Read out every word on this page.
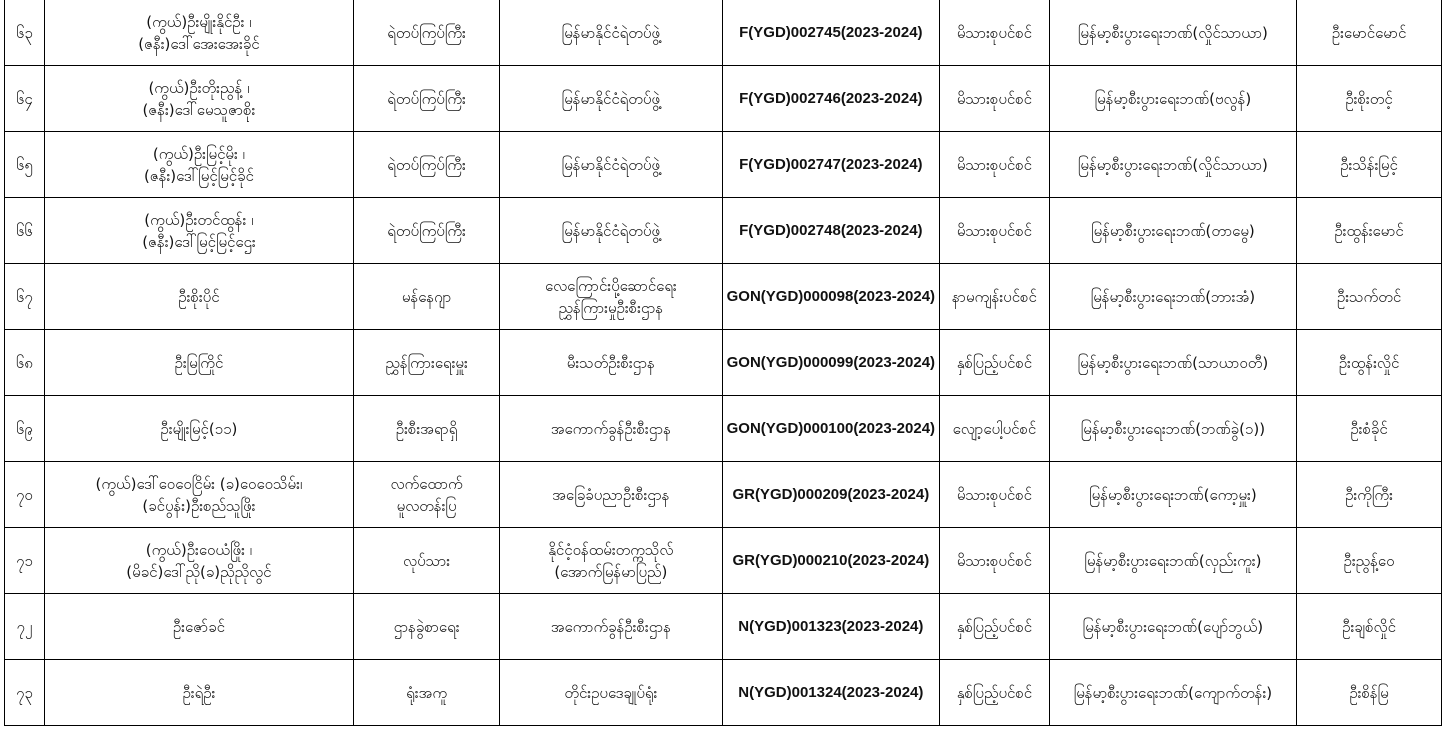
၆၃	(ကွယ်)ဦးမျိုးနိုင်ဦး ၊
(ဇနီး)ဒေါ်အေးအေးခိုင်	ရဲတပ်ကြပ်ကြီး	မြန်မာနိုင်ငံရဲတပ်ဖွဲ့	F(YGD)002745(2023-2024)	မိသားစုပင်စင်	မြန်မာ့စီးပွားရေးဘဏ်(လှိုင်သာယာ)	ဦးမောင်မောင်
၆၄	(ကွယ်)ဦးတိုးညွန့် ၊
(ဇနီး)ဒေါ်မေသူဇာစိုး	ရဲတပ်ကြပ်ကြီး	မြန်မာနိုင်ငံရဲတပ်ဖွဲ့	F(YGD)002746(2023-2024)	မိသားစုပင်စင်	မြန်မာ့စီးပွားရေးဘဏ်(ဗလွန်)	ဦးစိုးတင့်
၆၅	(ကွယ်)ဦးမြင့်မိုး ၊
(ဇနီး)ဒေါ်မြင့်မြင့်ခိုင်	ရဲတပ်ကြပ်ကြီး	မြန်မာနိုင်ငံရဲတပ်ဖွဲ့	F(YGD)002747(2023-2024)	မိသားစုပင်စင်	မြန်မာ့စီးပွားရေးဘဏ်(လှိုင်သာယာ)	ဦးသိန်းမြင့်
၆၆	(ကွယ်)ဦးတင်ထွန်း ၊
(ဇနီး)ဒေါ်မြင့်မြင့်ဌေး	ရဲတပ်ကြပ်ကြီး	မြန်မာနိုင်ငံရဲတပ်ဖွဲ့	F(YGD)002748(2023-2024)	မိသားစုပင်စင်	မြန်မာ့စီးပွားရေးဘဏ်(တာမွေ)	ဦးထွန်းမောင်
၆၇	ဦးစိုးပိုင်	မန်နေဂျာ	လေကြောင်းပို့ဆောင်ရေး
ညွှန်ကြားမှုဦးစီးဌာန	GON(YGD)000098(2023-2024)	နာမကျန်းပင်စင်	မြန်မာ့စီးပွားရေးဘဏ်(ဘားအံ)	ဦးသက်တင်
၆၈	ဦးမြကြိုင်	ညွှန်ကြားရေးမှူး	မီးသတ်ဦးစီးဌာန	GON(YGD)000099(2023-2024)	နှစ်ပြည့်ပင်စင်	မြန်မာ့စီးပွားရေးဘဏ်(သာယာဝတီ)	ဦးထွန်းလှိုင်
၆၉	ဦးမျိုးမြင့်(၁၁)	ဦးစီးအရာရှိ	အကောက်ခွန်ဦးစီးဌာန	GON(YGD)000100(2023-2024)	လျော့ပေါ့ပင်စင်	မြန်မာ့စီးပွားရေးဘဏ်(ဘဏ်ခွဲ(၁))	ဦးစံခိုင်
၇၀	(ကွယ်)ဒေါ်ဝေဝေငြိမ်း (ခ)ဝေဝေသိမ်း၊
(ခင်ပွန်း)ဦးစည်သူဖြိုး	လက်ထောက်
မူလတန်းပြ	အခြေခံပညာဦးစီးဌာန	GR(YGD)000209(2023-2024)	မိသားစုပင်စင်	မြန်မာ့စီးပွားရေးဘဏ်(ကော့မှူး)	ဦးကိုကြီး
၇၁	(ကွယ်)ဦးဝေယံဖြိုး ၊
(မိခင်)ဒေါ်ညို(ခ)ညိုညိုလွင်	လုပ်သား	နိုင်ငံ့ဝန်ထမ်းတက္ကသိုလ်
(အောက်မြန်မာပြည်)	GR(YGD)000210(2023-2024)	မိသားစုပင်စင်	မြန်မာ့စီးပွားရေးဘဏ်(လှည်းကူး)	ဦးညွန့်ဝေ
၇၂	ဦးဇော်ခင်	ဌာနခွဲစာရေး	အကောက်ခွန်ဦးစီးဌာန	N(YGD)001323(2023-2024)	နှစ်ပြည့်ပင်စင်	မြန်မာ့စီးပွားရေးဘဏ်(ပျော်ဘွယ်)	ဦးချစ်လှိုင်
၇၃	ဦးရဲဦး	ရုံးအကူ	တိုင်းဥပဒေချုပ်ရုံး	N(YGD)001324(2023-2024)	နှစ်ပြည့်ပင်စင်	မြန်မာ့စီးပွားရေးဘဏ်(ကျောက်တန်း)	ဦးစိန်မြ
